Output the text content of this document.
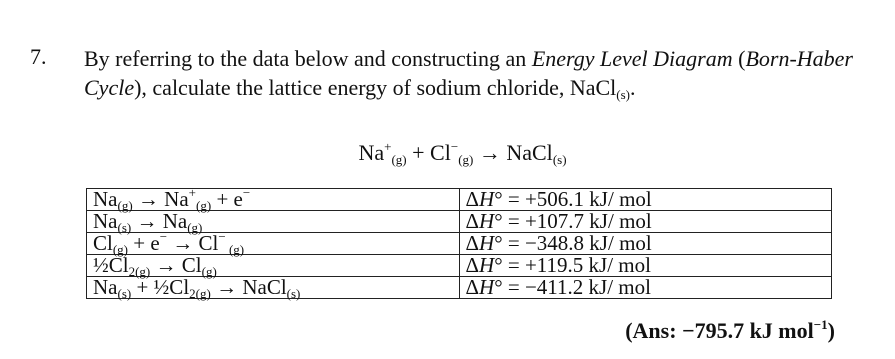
7. By referring to the data below and constructing an Energy Level Diagram (Born-Haber Cycle), calculate the lattice energy of sodium chloride, NaCl$_{(s)}$.
$Na^+_{(g)} + Cl^-_{(g)}$ → NaCl$_{(s)}$
$Na_{(g)} \to Na^+_{(g)} + e^-$	ΔH° = +506.1 kJ/ mol
$Na_{(s)} \to Na_{(g)}$	ΔH° = +107.7 kJ/ mol
$Cl_{(g)} + e^- \to Cl^-$ $_{(g)}$	ΔH° = −348.8 kJ/ mol
$\frac{1}{2}Cl_{2(g)} \to Cl_{(g)}$	ΔH° = +119.5 kJ/ mol
$Na_{(s)}$ + $\frac{1}{2}Cl_{2(g)}$ → NaCl$_{(s)}$	ΔH° = −411.2 kJ/ mol
(Ans: −795.7 kJ mol$^{-1}$)
